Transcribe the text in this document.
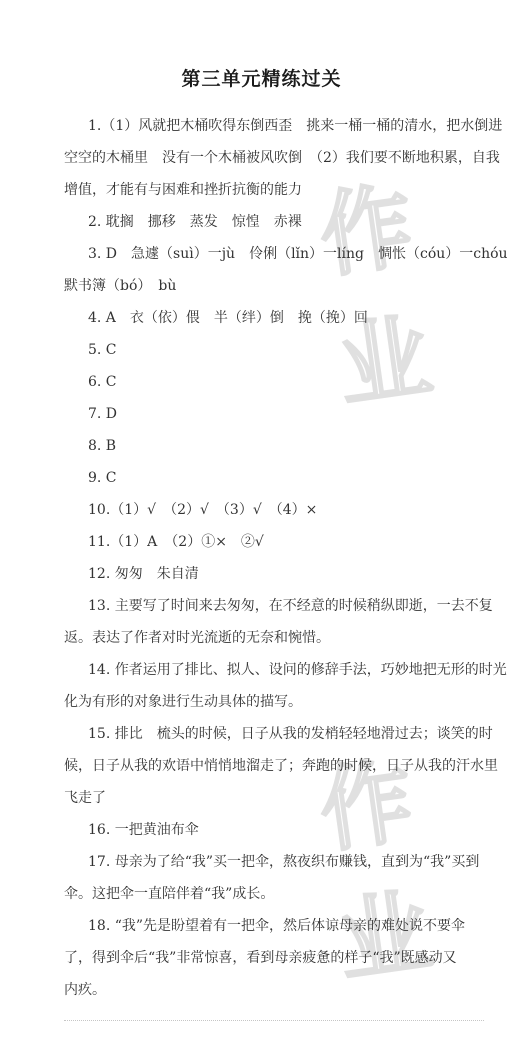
作业
作业
第三单元精练过关
1.（1）风就把木桶吹得东倒西歪　挑来一桶一桶的清水，把水倒进
空空的木桶里　没有一个木桶被风吹倒　（2）我们要不断地积累，自我
增值，才能有与困难和挫折抗衡的能力
2. 耽搁　挪移　蒸发　惊惶　赤裸
3. D　急遽（suì）一jù　伶俐（lǐn）一líng　惆怅（cóu）一chóu
默书簿（bó）　bù
4. A　衣（依）偎　半（绊）倒　挽（挽）回
5. C
6. C
7. D
8. B
9. C
10.（1）√　（2）√　（3）√　（4）×
11.（1）A　（2）①×　②√
12. 匆匆　朱自清
13. 主要写了时间来去匆匆，在不经意的时候稍纵即逝，一去不复
返。表达了作者对时光流逝的无奈和惋惜。
14. 作者运用了排比、拟人、设问的修辞手法，巧妙地把无形的时光
化为有形的对象进行生动具体的描写。
15. 排比　梳头的时候，日子从我的发梢轻轻地滑过去；谈笑的时
候，日子从我的欢语中悄悄地溜走了；奔跑的时候，日子从我的汗水里
飞走了
16. 一把黄油布伞
17. 母亲为了给“我”买一把伞，熬夜织布赚钱，直到为“我”买到
伞。这把伞一直陪伴着“我”成长。
18. “我”先是盼望着有一把伞，然后体谅母亲的难处说不要伞
了，得到伞后“我”非常惊喜，看到母亲疲惫的样子“我”既感动又
内疚。
